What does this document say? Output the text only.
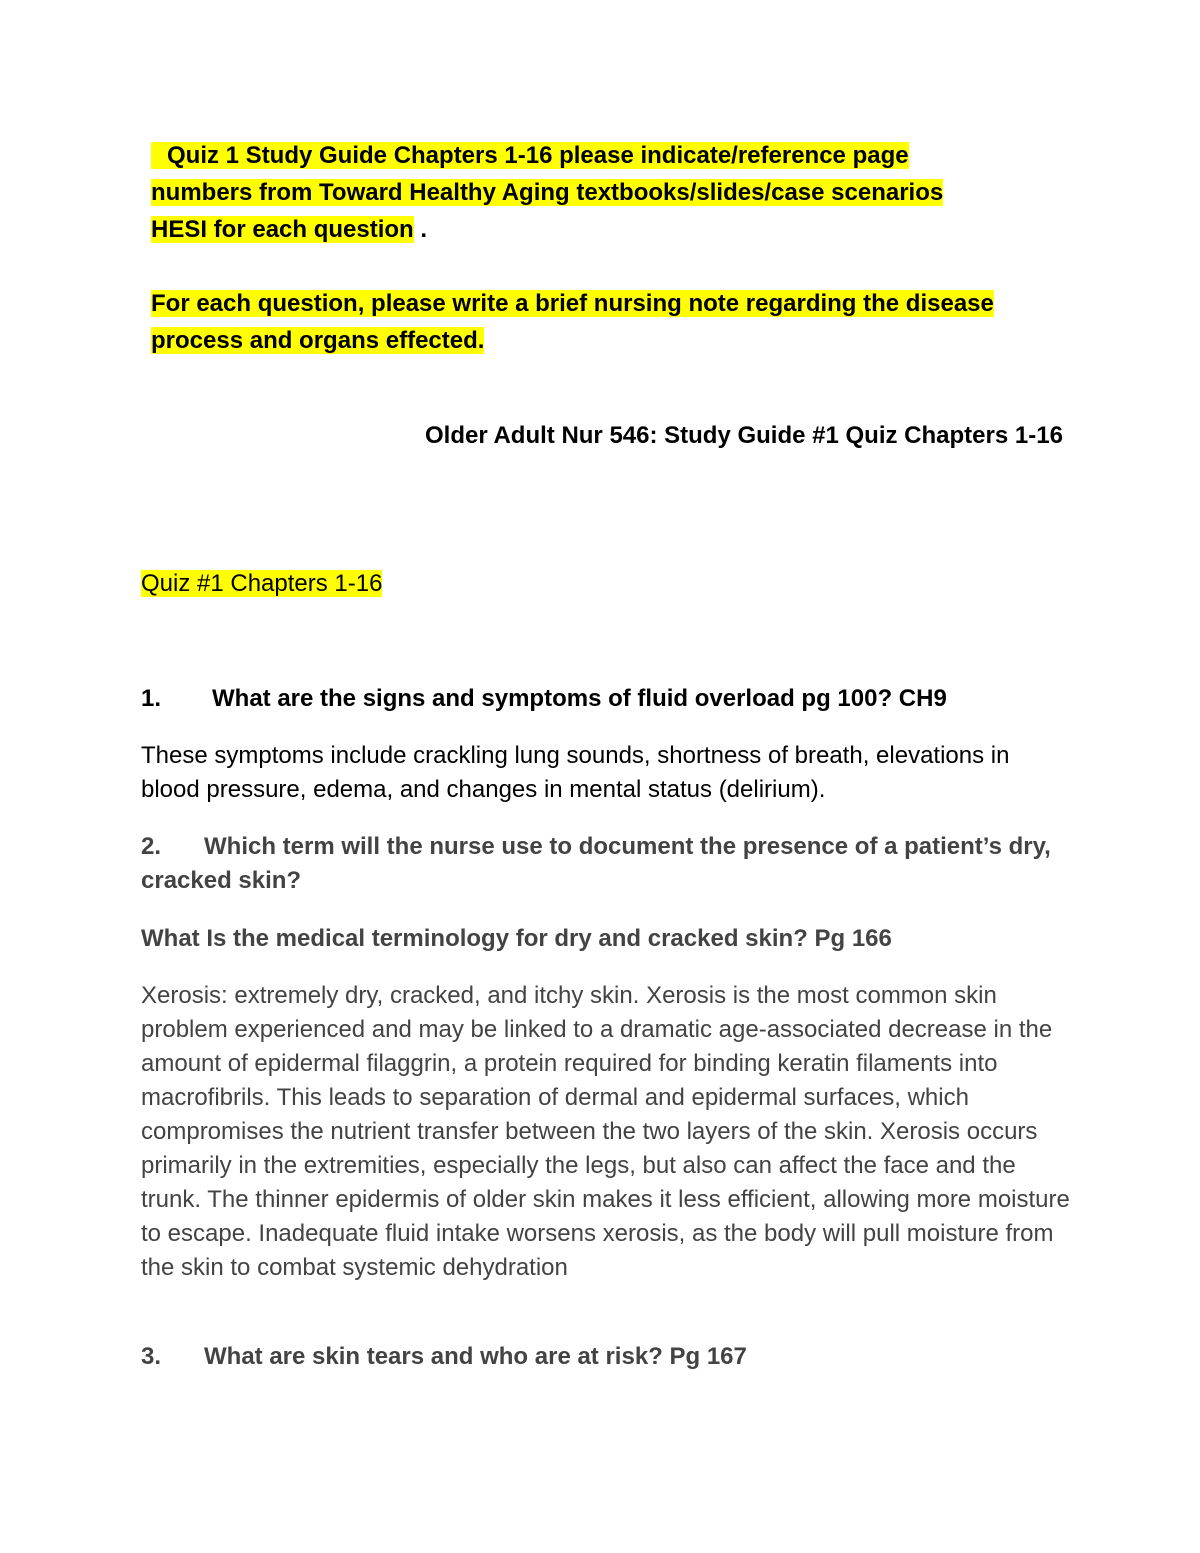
Quiz 1 Study Guide Chapters 1-16 please indicate/reference page
numbers from Toward Healthy Aging textbooks/slides/case scenarios
HESI for each question .
For each question, please write a brief nursing note regarding the disease
process and organs effected.
Older Adult Nur 546: Study Guide #1 Quiz Chapters 1-16
Quiz #1 Chapters 1-16
1.	What are the signs and symptoms of fluid overload pg 100? CH9
These symptoms include crackling lung sounds, shortness of breath, elevations in blood pressure, edema, and changes in mental status (delirium).
2. Which term will the nurse use to document the presence of a patient’s dry, cracked skin?
What Is the medical terminology for dry and cracked skin? Pg 166
Xerosis: extremely dry, cracked, and itchy skin. Xerosis is the most common skin problem experienced and may be linked to a dramatic age-associated decrease in the amount of epidermal filaggrin, a protein required for binding keratin filaments into macrofibrils. This leads to separation of dermal and epidermal surfaces, which compromises the nutrient transfer between the two layers of the skin. Xerosis occurs primarily in the extremities, especially the legs, but also can affect the face and the trunk. The thinner epidermis of older skin makes it less efficient, allowing more moisture to escape. Inadequate fluid intake worsens xerosis, as the body will pull moisture from the skin to combat systemic dehydration
3.	What are skin tears and who are at risk? Pg 167
